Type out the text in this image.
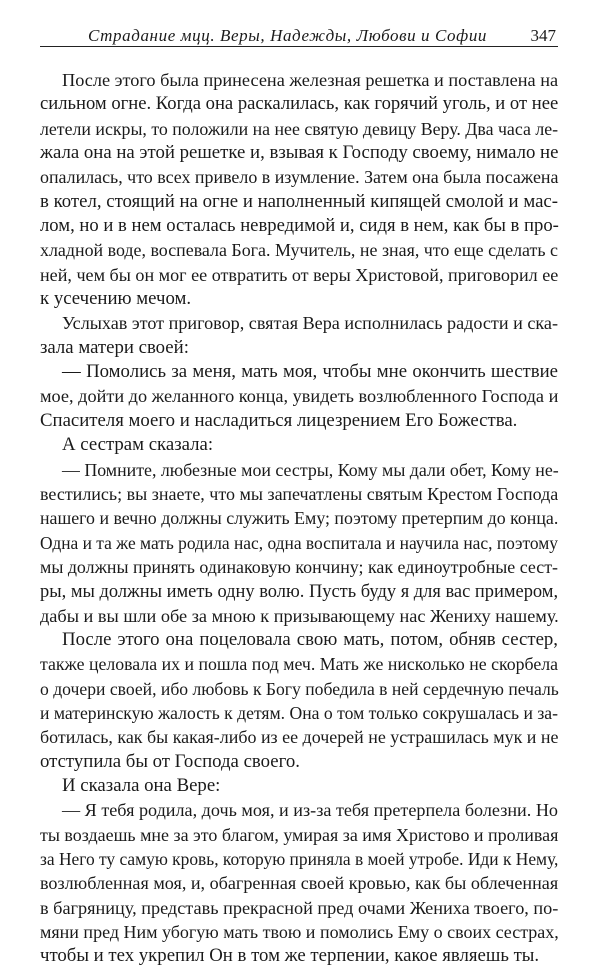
Страдание мцц. Веры, Надежды, Любови и Софии	347
После этого была принесена железная решетка и поставлена на
сильном огне. Когда она раскалилась, как горячий уголь, и от нее
летели искры, то положили на нее святую девицу Веру. Два часа ле-
жала она на этой решетке и, взывая к Господу своему, нимало не
опалилась, что всех привело в изумление. Затем она была посажена
в котел, стоящий на огне и наполненный кипящей смолой и мас-
лом, но и в нем осталась невредимой и, сидя в нем, как бы в про-
хладной воде, воспевала Бога. Мучитель, не зная, что еще сделать с
ней, чем бы он мог ее отвратить от веры Христовой, приговорил ее
к усечению мечом.
Услыхав этот приговор, святая Вера исполнилась радости и ска-
зала матери своей:
— Помолись за меня, мать моя, чтобы мне окончить шествие
мое, дойти до желанного конца, увидеть возлюбленного Господа и
Спасителя моего и насладиться лицезрением Его Божества.
А сестрам сказала:
— Помните, любезные мои сестры, Кому мы дали обет, Кому не-
вестились; вы знаете, что мы запечатлены святым Крестом Господа
нашего и вечно должны служить Ему; поэтому претерпим до конца.
Одна и та же мать родила нас, одна воспитала и научила нас, поэтому
мы должны принять одинаковую кончину; как единоутробные сест-
ры, мы должны иметь одну волю. Пусть буду я для вас примером,
дабы и вы шли обе за мною к призывающему нас Жениху нашему.
После этого она поцеловала свою мать, потом, обняв сестер,
также целовала их и пошла под меч. Мать же нисколько не скорбела
о дочери своей, ибо любовь к Богу победила в ней сердечную печаль
и материнскую жалость к детям. Она о том только сокрушалась и за-
ботилась, как бы какая-либо из ее дочерей не устрашилась мук и не
отступила бы от Господа своего.
И сказала она Вере:
— Я тебя родила, дочь моя, и из-за тебя претерпела болезни. Но
ты воздаешь мне за это благом, умирая за имя Христово и проливая
за Него ту самую кровь, которую приняла в моей утробе. Иди к Нему,
возлюбленная моя, и, обагренная своей кровью, как бы облеченная
в багряницу, представь прекрасной пред очами Жениха твоего, по-
мяни пред Ним убогую мать твою и помолись Ему о своих сестрах,
чтобы и тех укрепил Он в том же терпении, какое являешь ты.
